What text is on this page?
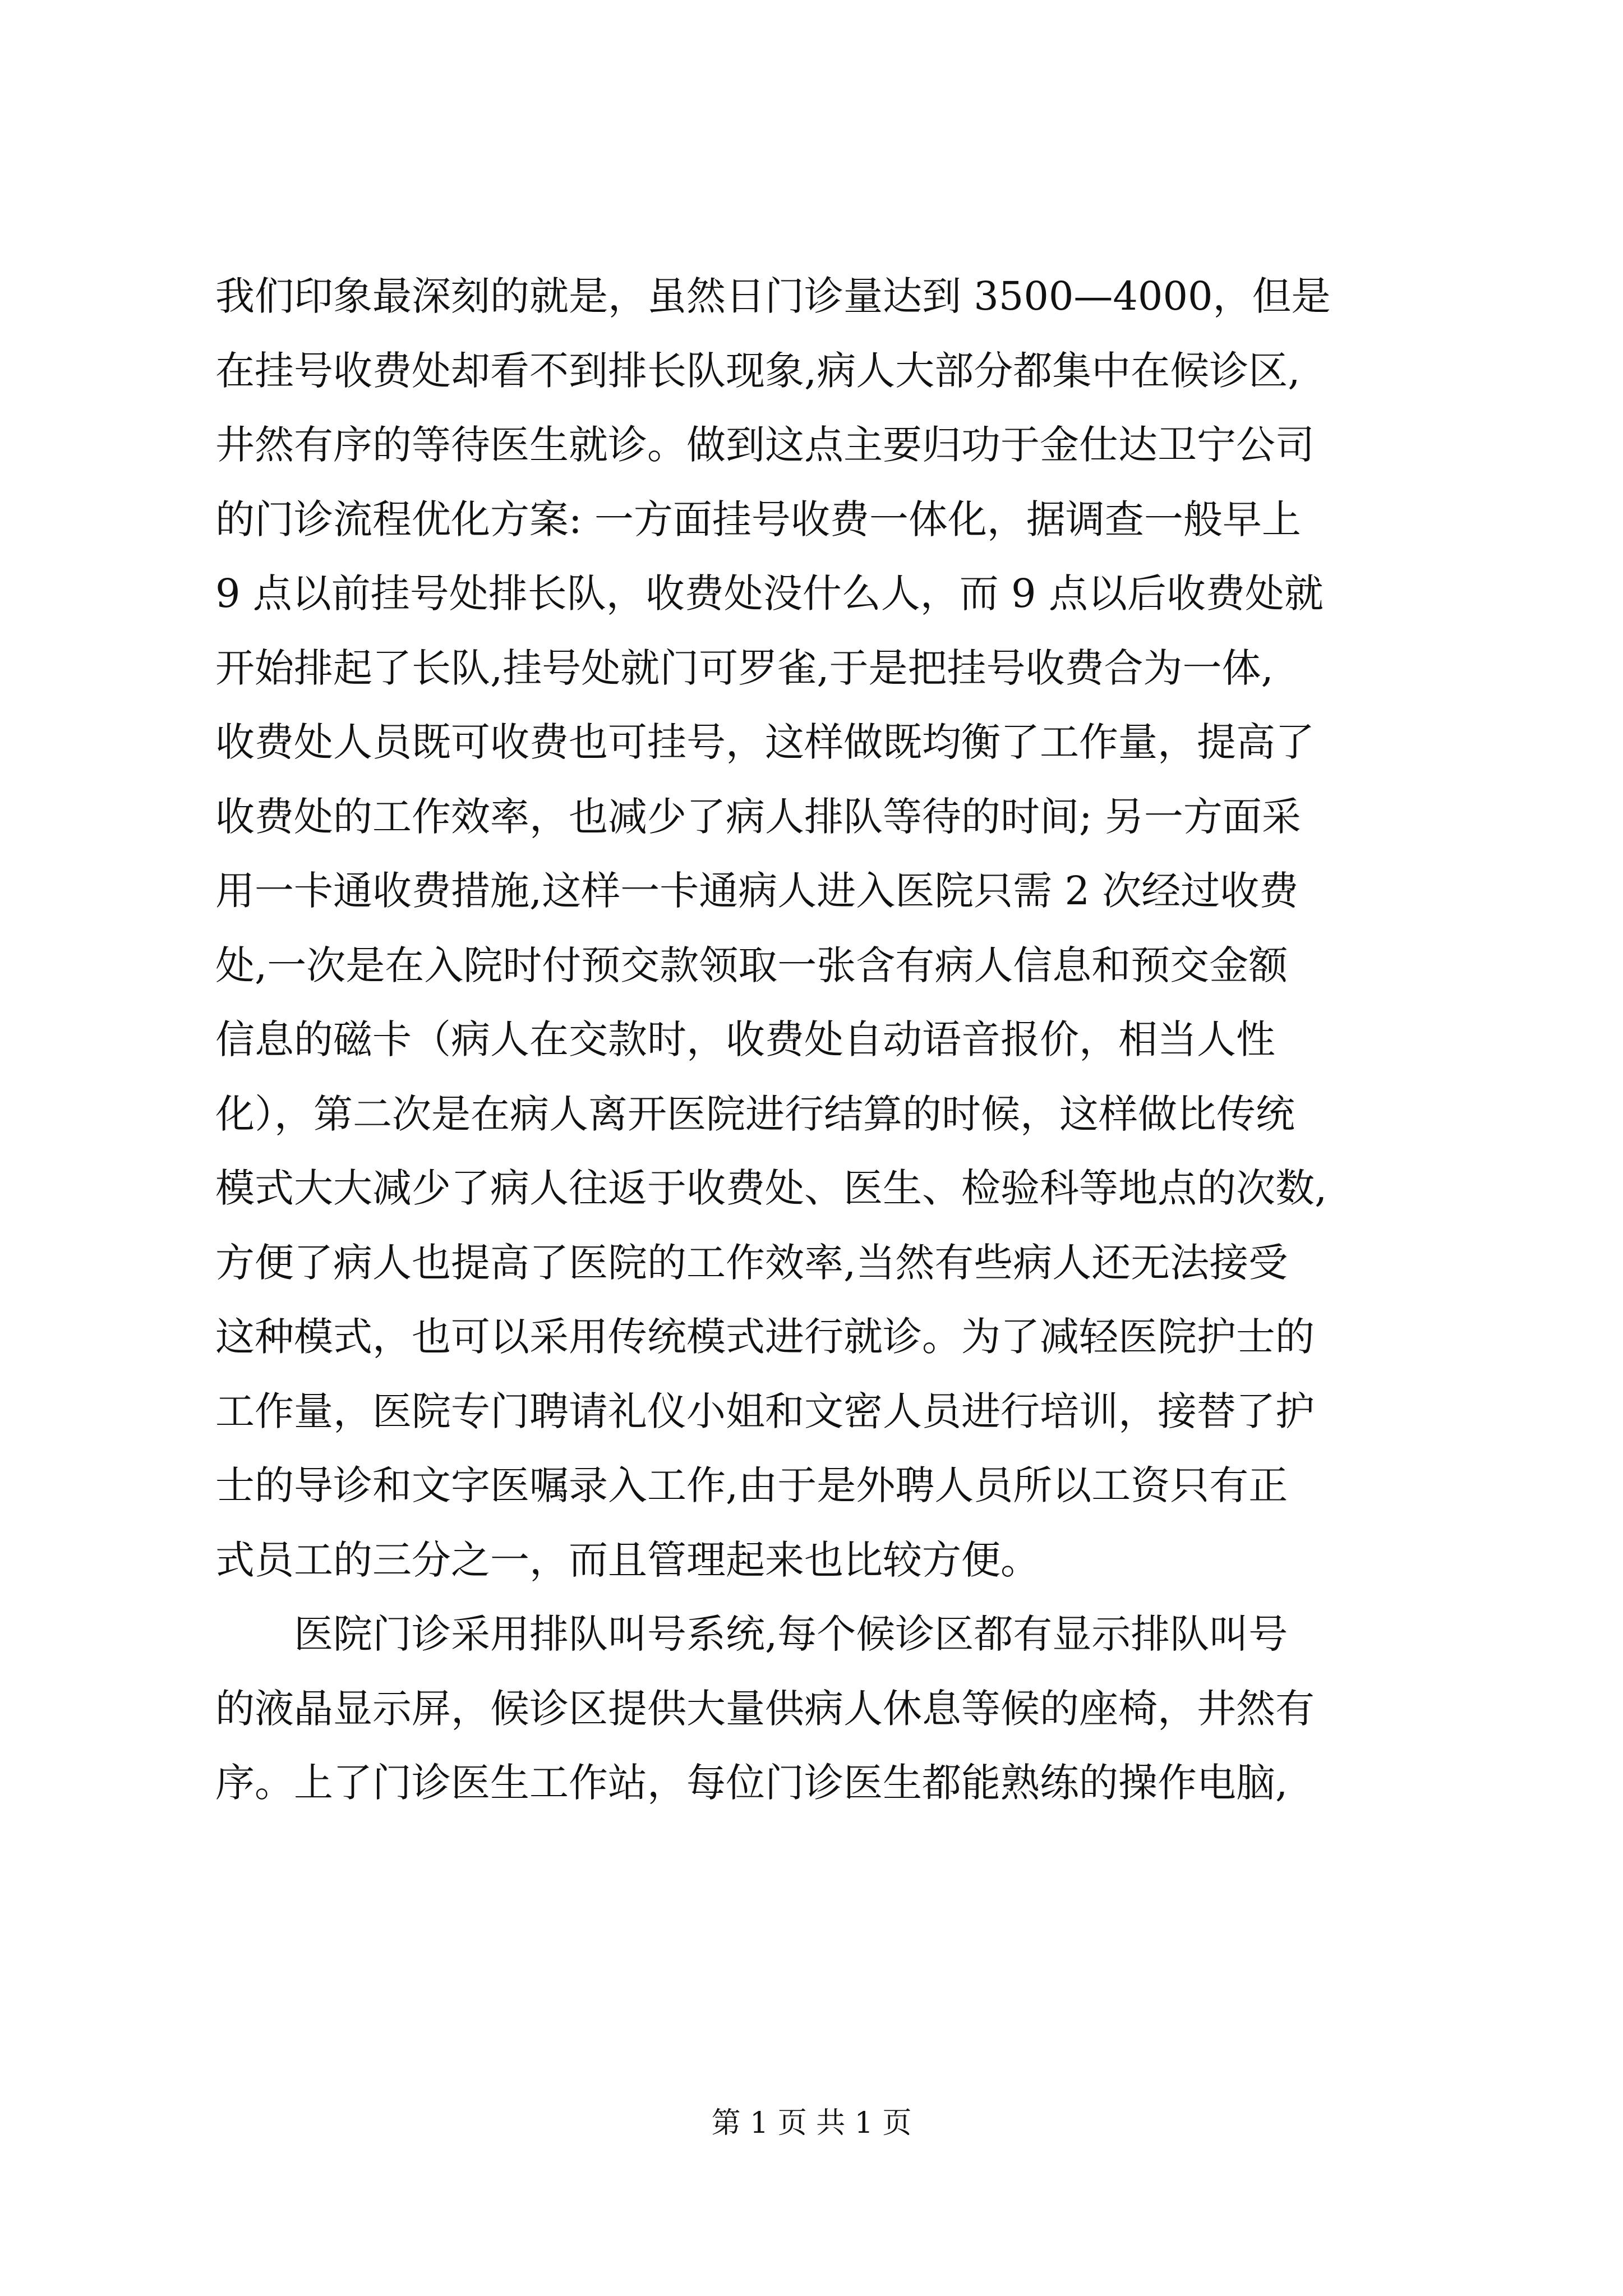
我们印象最深刻的就是，虽然日门诊量达到 3500—4000，但是
在挂号收费处却看不到排长队现象,病人大部分都集中在候诊区,
井然有序的等待医生就诊。做到这点主要归功于金仕达卫宁公司
的门诊流程优化方案: 一方面挂号收费一体化，据调查一般早上
9 点以前挂号处排长队，收费处没什么人，而 9 点以后收费处就
开始排起了长队,挂号处就门可罗雀,于是把挂号收费合为一体,
收费处人员既可收费也可挂号，这样做既均衡了工作量，提高了
收费处的工作效率，也减少了病人排队等待的时间; 另一方面采
用一卡通收费措施,这样一卡通病人进入医院只需 2 次经过收费
处,一次是在入院时付预交款领取一张含有病人信息和预交金额
信息的磁卡（病人在交款时，收费处自动语音报价，相当人性
化），第二次是在病人离开医院进行结算的时候，这样做比传统
模式大大减少了病人往返于收费处、医生、检验科等地点的次数,
方便了病人也提高了医院的工作效率,当然有些病人还无法接受
这种模式，也可以采用传统模式进行就诊。为了减轻医院护士的
工作量，医院专门聘请礼仪小姐和文密人员进行培训，接替了护
士的导诊和文字医嘱录入工作,由于是外聘人员所以工资只有正
式员工的三分之一，而且管理起来也比较方便。
　　医院门诊采用排队叫号系统,每个候诊区都有显示排队叫号
的液晶显示屏，候诊区提供大量供病人休息等候的座椅，井然有
序。上了门诊医生工作站，每位门诊医生都能熟练的操作电脑,
第 1 页 共 1 页
